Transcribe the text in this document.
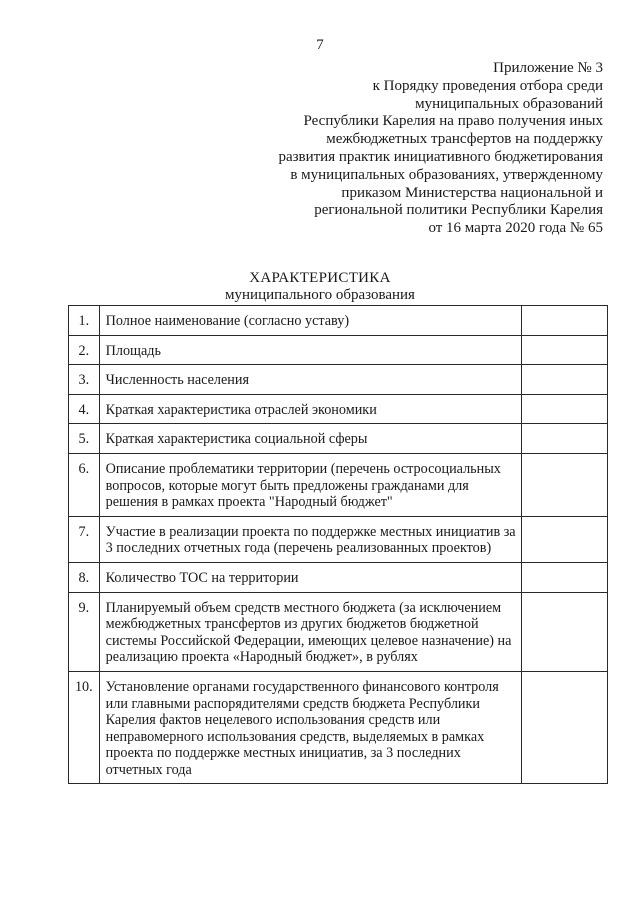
7
Приложение № 3
к Порядку проведения отбора среди
муниципальных образований
Республики Карелия на право получения иных
межбюджетных трансфертов на поддержку
развития практик инициативного бюджетирования
в муниципальных образованиях, утвержденному
приказом Министерства национальной и
региональной политики Республики Карелия
от 16 марта 2020 года № 65
ХАРАКТЕРИСТИКА
муниципального образования
1.	Полное наименование (согласно уставу)	
2.	Площадь	
3.	Численность населения	
4.	Краткая характеристика отраслей экономики	
5.	Краткая характеристика социальной сферы	
6.	Описание проблематики территории (перечень остросоциальных вопросов, которые могут быть предложены гражданами для решения в рамках проекта "Народный бюджет"	
7.	Участие в реализации проекта по поддержке местных инициатив за 3 последних отчетных года (перечень реализованных проектов)	
8.	Количество ТОС на территории	
9.	Планируемый объем средств местного бюджета (за исключением межбюджетных трансфертов из других бюджетов бюджетной системы Российской Федерации, имеющих целевое назначение) на реализацию проекта «Народный бюджет», в рублях	
10.	Установление органами государственного финансового контроля или главными распорядителями средств бюджета Республики Карелия фактов нецелевого использования средств или неправомерного использования средств, выделяемых в рамках проекта по поддержке местных инициатив, за 3 последних отчетных года	
